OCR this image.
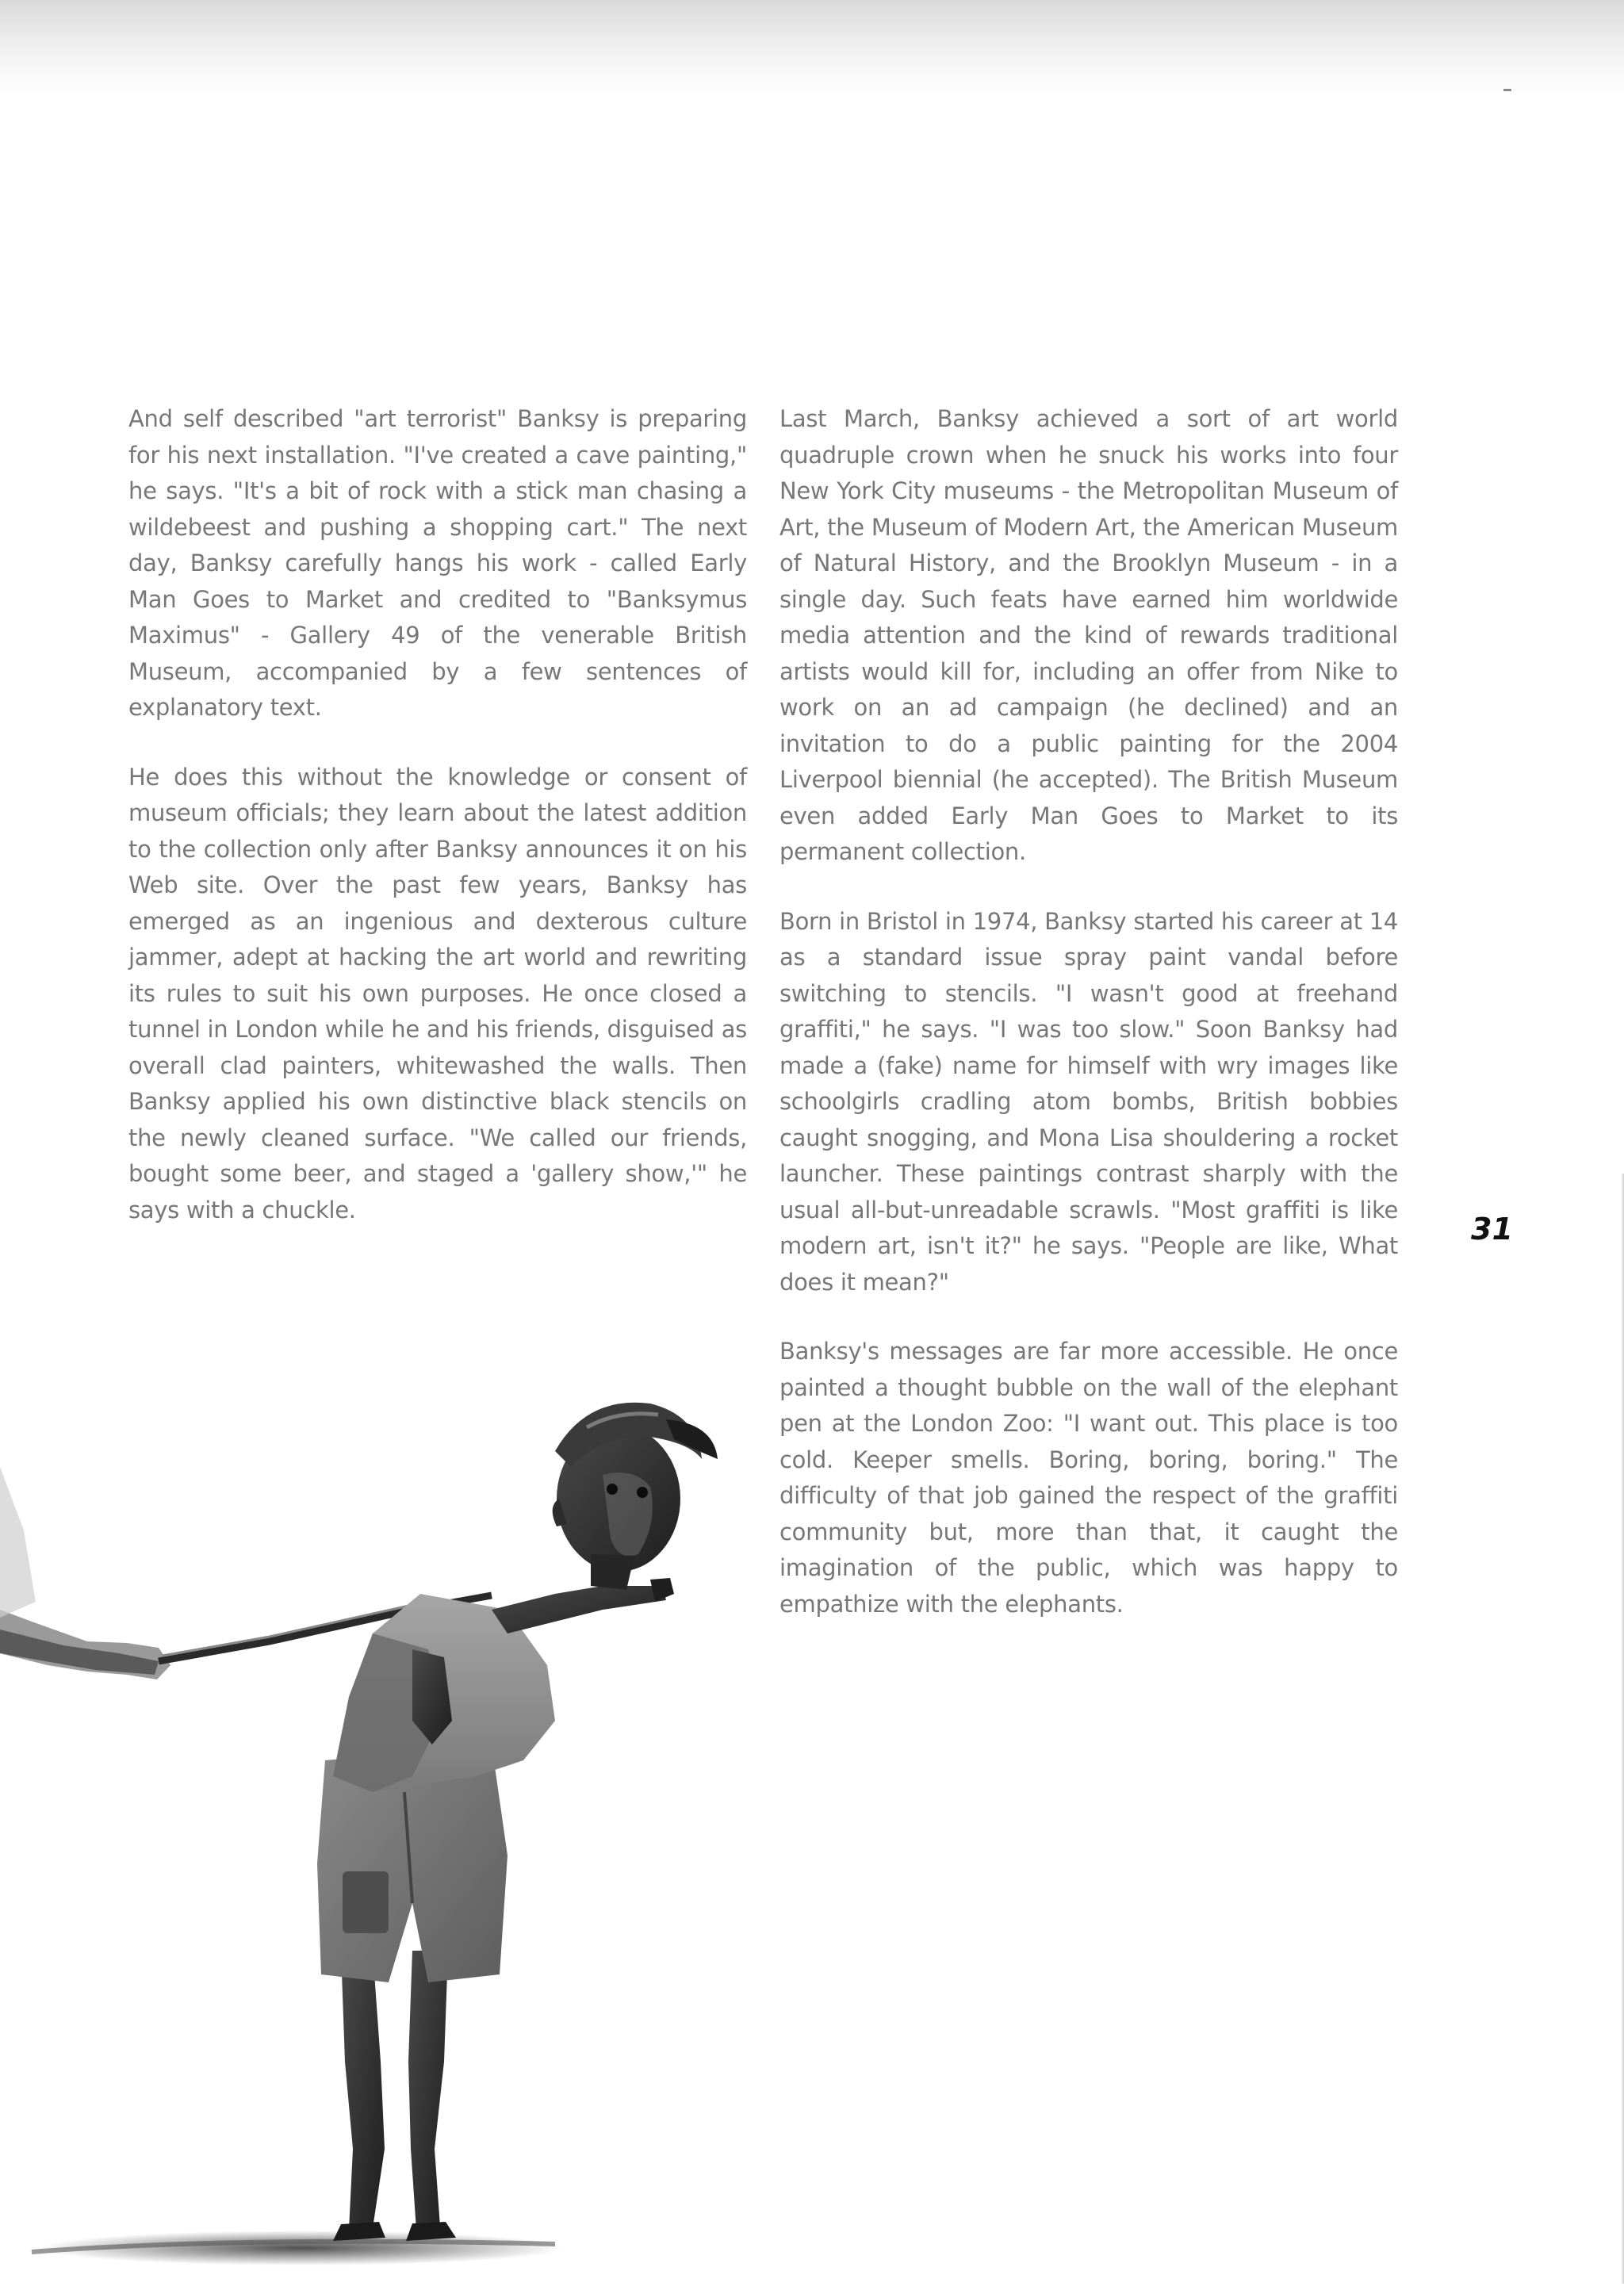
And self described "art terrorist" Banksy is preparing for his next installation. "I've created a cave painting," he says. "It's a bit of rock with a stick man chasing a wildebeest and pushing a shopping cart." The next day, Banksy carefully hangs his work - called Early Man Goes to Market and credited to "Banksymus Maximus" - Gallery 49 of the venerable British Museum, accompanied by a few sentences of explanatory text.

He does this without the knowledge or consent of museum officials; they learn about the latest addition to the collection only after Banksy announces it on his Web site. Over the past few years, Banksy has emerged as an ingenious and dexterous culture jammer, adept at hacking the art world and rewriting its rules to suit his own purposes. He once closed a tunnel in London while he and his friends, disguised as overall clad painters, whitewashed the walls. Then Banksy applied his own distinctive black stencils on the newly cleaned surface. "We called our friends, bought some beer, and staged a 'gallery show,'" he says with a chuckle.

Last March, Banksy achieved a sort of art world quadruple crown when he snuck his works into four New York City museums - the Metropolitan Museum of Art, the Museum of Modern Art, the American Museum of Natural History, and the Brooklyn Museum - in a single day. Such feats have earned him worldwide media attention and the kind of rewards traditional artists would kill for, including an offer from Nike to work on an ad campaign (he declined) and an invitation to do a public painting for the 2004 Liverpool biennial (he accepted). The British Museum even added Early Man Goes to Market to its permanent collection.

Born in Bristol in 1974, Banksy started his career at 14 as a standard issue spray paint vandal before switching to stencils. "I wasn't good at freehand graffiti," he says. "I was too slow." Soon Banksy had made a (fake) name for himself with wry images like schoolgirls cradling atom bombs, British bobbies caught snogging, and Mona Lisa shouldering a rocket launcher. These paintings contrast sharply with the usual all-but-unreadable scrawls. "Most graffiti is like modern art, isn't it?" he says. "People are like, What does it mean?"

Banksy's messages are far more accessible. He once painted a thought bubble on the wall of the elephant pen at the London Zoo: "I want out. This place is too cold. Keeper smells. Boring, boring, boring." The difficulty of that job gained the respect of the graffiti community but, more than that, it caught the imagination of the public, which was happy to empathize with the elephants.

31
